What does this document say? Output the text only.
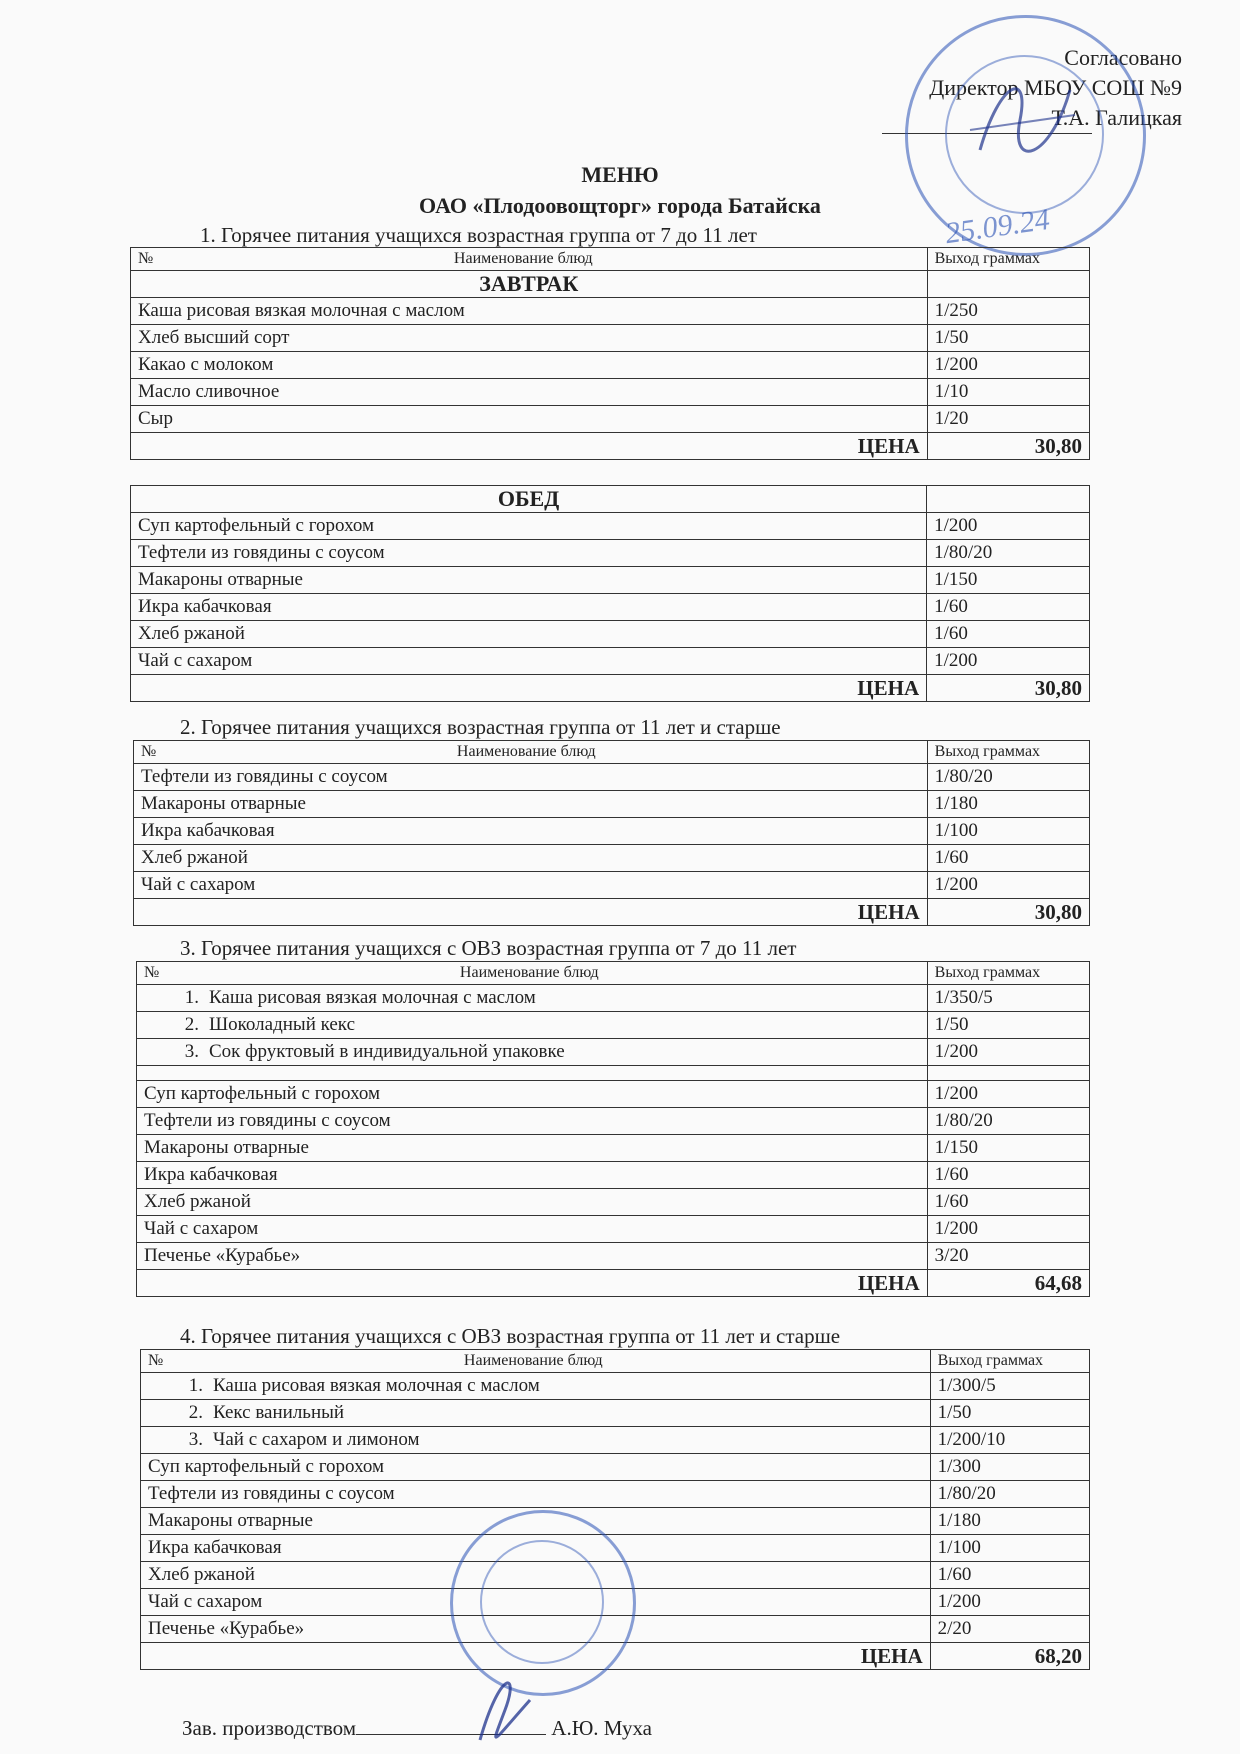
Согласовано
Директор МБОУ СОШ №9
Т.А. Галицкая
25.09.24
МЕНЮ
ОАО «Плодоовощторг» города Батайска
1. Горячее питания учащихся возрастная группа от 7 до 11 лет
№ Наименование блюд	Выход граммах
ЗАВТРАК	
Каша рисовая вязкая молочная с маслом	1/250
Хлеб высший сорт	1/50
Какао с молоком	1/200
Масло сливочное	1/10
Сыр	1/20
ЦЕНА	30,80
ОБЕД	
Суп картофельный с горохом	1/200
Тефтели из говядины с соусом	1/80/20
Макароны отварные	1/150
Икра кабачковая	1/60
Хлеб ржаной	1/60
Чай с сахаром	1/200
ЦЕНА	30,80
2. Горячее питания учащихся возрастная группа от 11 лет и старше
№ Наименование блюд	Выход граммах
Тефтели из говядины с соусом	1/80/20
Макароны отварные	1/180
Икра кабачковая	1/100
Хлеб ржаной	1/60
Чай с сахаром	1/200
ЦЕНА	30,80
3. Горячее питания учащихся с ОВЗ возрастная группа от 7 до 11 лет
№ Наименование блюд	Выход граммах
1. Каша рисовая вязкая молочная с маслом	1/350/5
2. Шоколадный кекс	1/50
3. Сок фруктовый в индивидуальной упаковке	1/200

Суп картофельный с горохом	1/200
Тефтели из говядины с соусом	1/80/20
Макароны отварные	1/150
Икра кабачковая	1/60
Хлеб ржаной	1/60
Чай с сахаром	1/200
Печенье «Курабье»	3/20
ЦЕНА	64,68
4. Горячее питания учащихся с ОВЗ возрастная группа от 11 лет и старше
№ Наименование блюд	Выход граммах
1. Каша рисовая вязкая молочная с маслом	1/300/5
2. Кекс ванильный	1/50
3. Чай с сахаром и лимоном	1/200/10
Суп картофельный с горохом	1/300
Тефтели из говядины с соусом	1/80/20
Макароны отварные	1/180
Икра кабачковая	1/100
Хлеб ржаной	1/60
Чай с сахаром	1/200
Печенье «Курабье»	2/20
ЦЕНА	68,20
Зав. производством	А.Ю. Муха
